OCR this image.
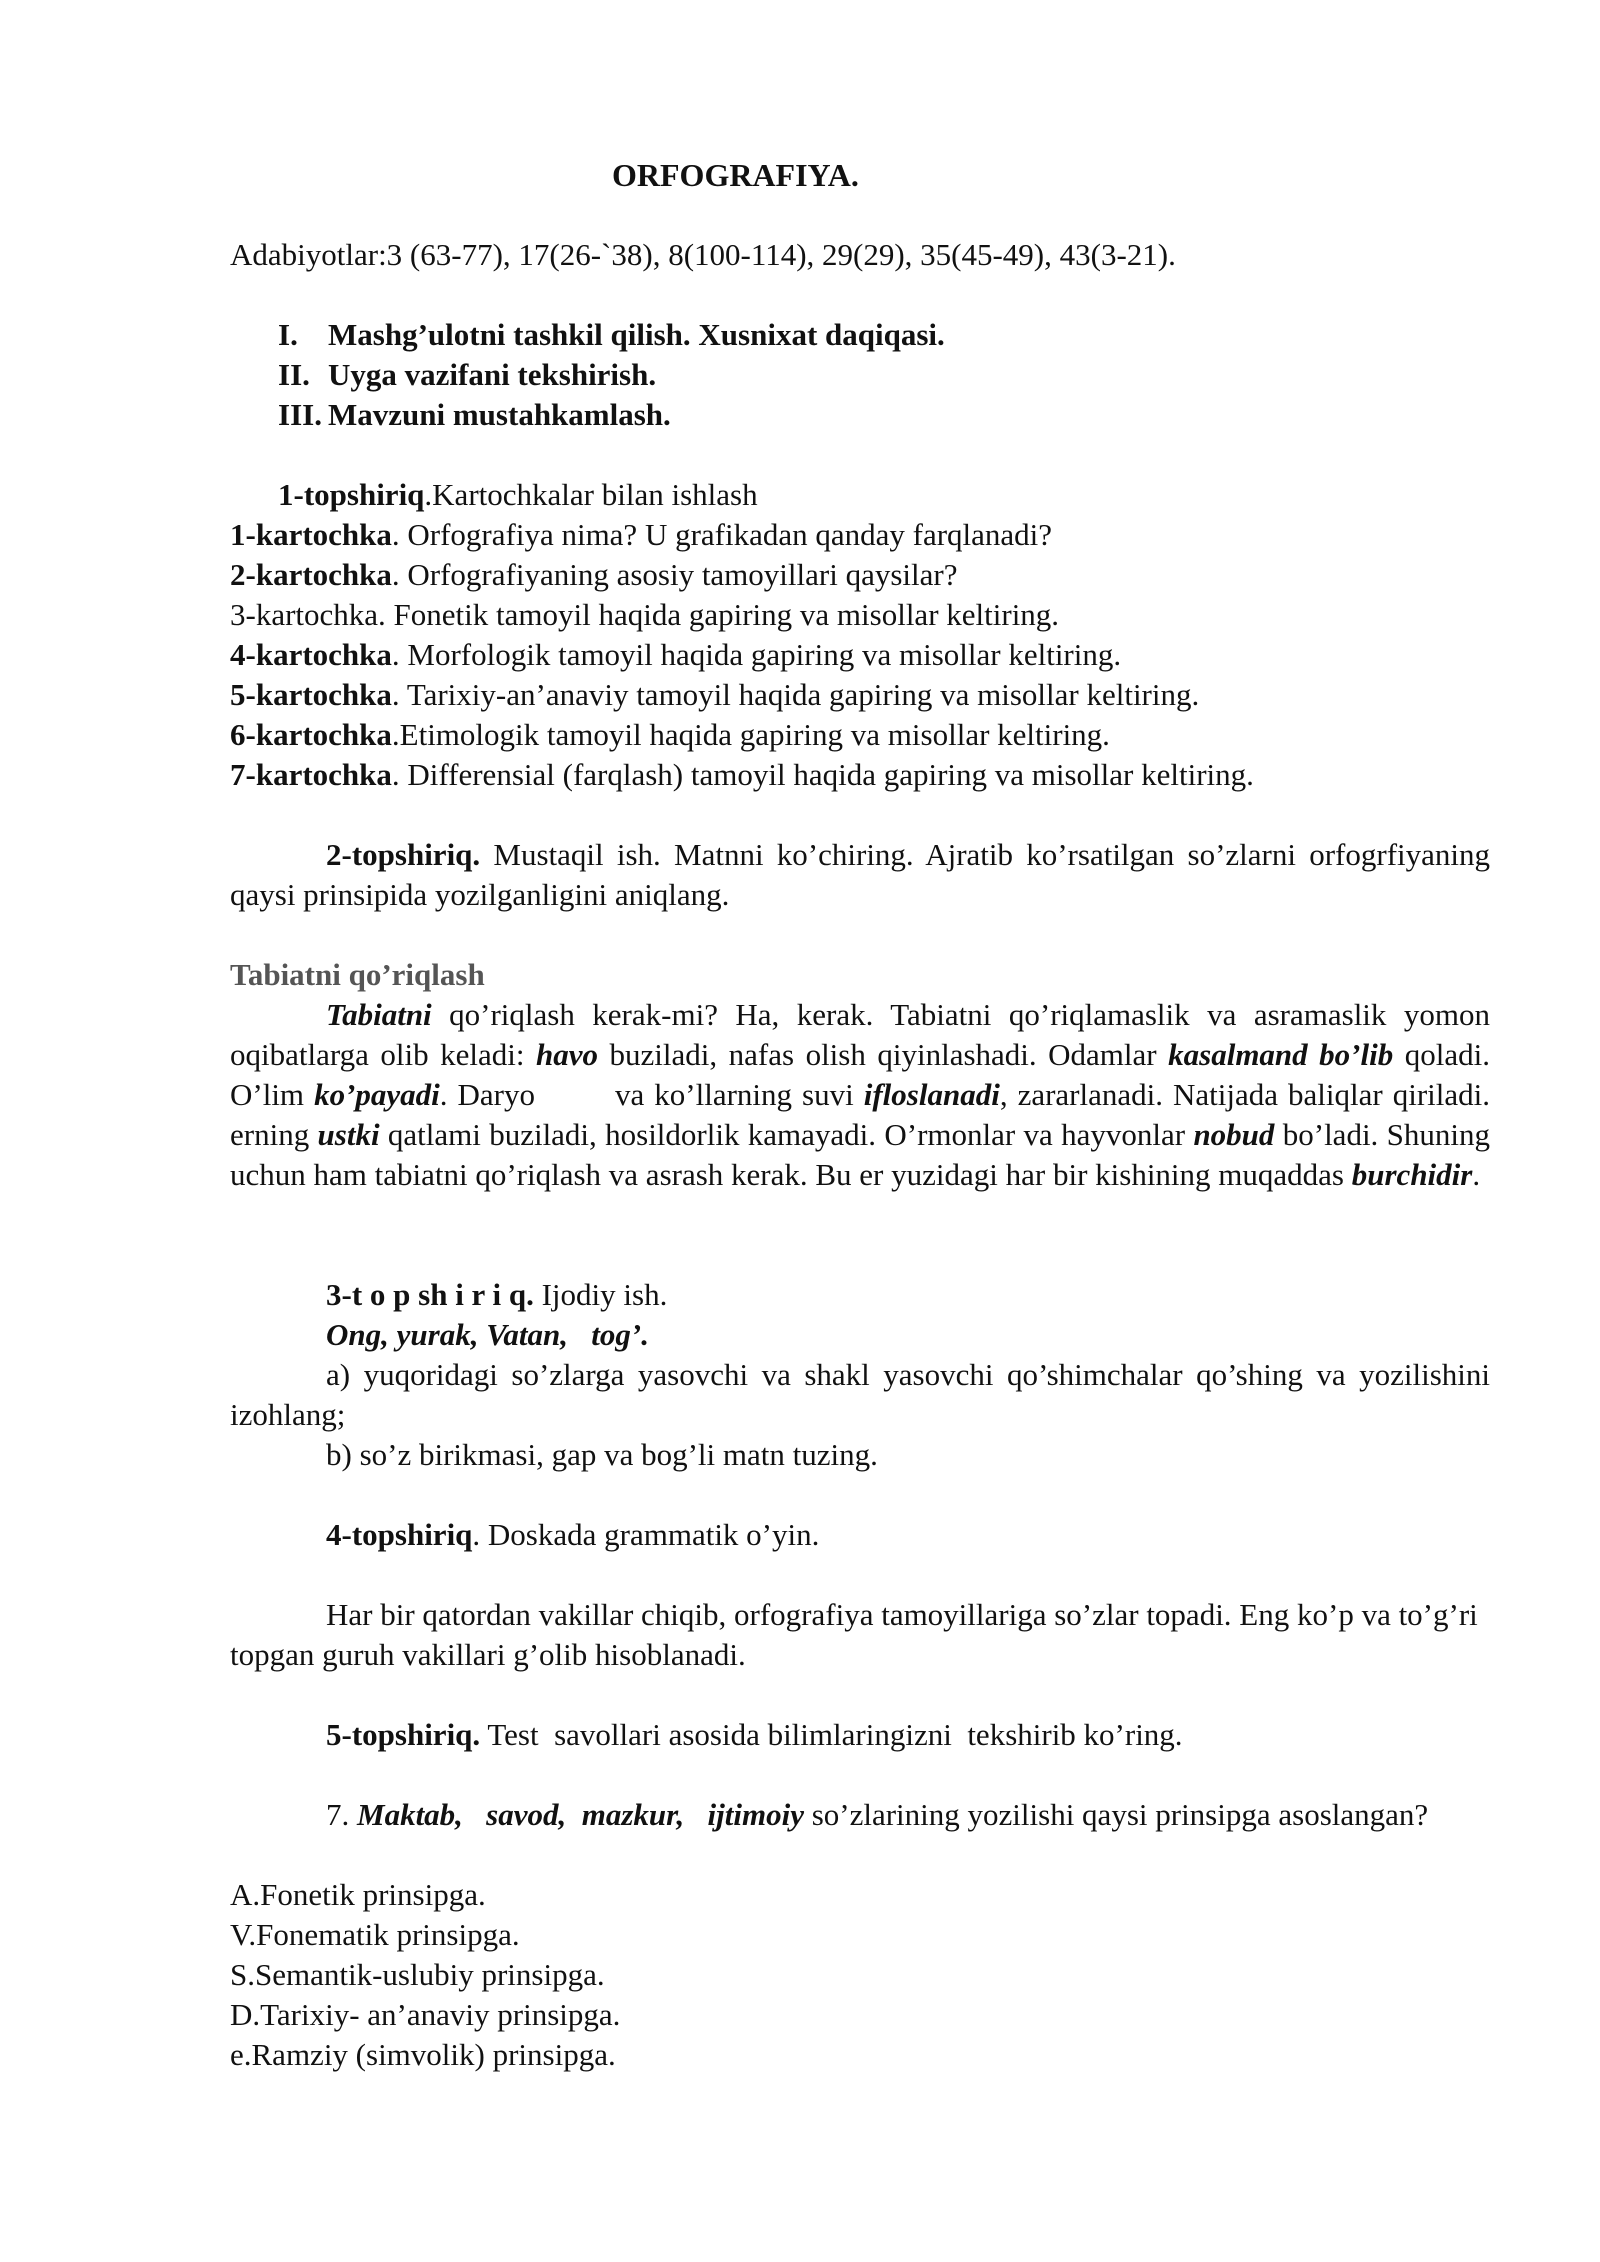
ORFOGRAFIYA.
Adabiyotlar:3 (63-77), 17(26-`38), 8(100-114), 29(29), 35(45-49), 43(3-21).
I. Mashg’ulotni tashkil qilish. Xusnixat daqiqasi.
II. Uyga vazifani tekshirish.
III. Mavzuni mustahkamlash.
1-topshiriq.Kartochkalar bilan ishlash
1-kartochka. Orfografiya nima? U grafikadan qanday farqlanadi?
2-kartochka. Orfografiyaning asosiy tamoyillari qaysilar?
3-kartochka. Fonetik tamoyil haqida gapiring va misollar keltiring.
4-kartochka. Morfologik tamoyil haqida gapiring va misollar keltiring.
5-kartochka. Tarixiy-an’anaviy tamoyil haqida gapiring va misollar keltiring.
6-kartochka.Etimologik tamoyil haqida gapiring va misollar keltiring.
7-kartochka. Differensial (farqlash) tamoyil haqida gapiring va misollar keltiring.
2-topshiriq. Mustaqil ish. Matnni ko’chiring. Ajratib ko’rsatilgan so’zlarni orfogrfiyaning qaysi prinsipida yozilganligini aniqlang.
Tabiatni qo’riqlash
Tabiatni qo’riqlash kerak-mi? Ha, kerak. Tabiatni qo’riqlamaslik va asramaslik yomon oqibatlarga olib keladi: havo buziladi, nafas olish qiyinlashadi. Odamlar kasalmand bo’lib qoladi. O’lim ko’payadi. Daryo        va ko’llarning suvi ifloslanadi, zararlanadi. Natijada baliqlar qiriladi. erning ustki qatlami buziladi, hosildorlik kamayadi. O’rmonlar va hayvonlar nobud bo’ladi. Shuning uchun ham tabiatni qo’riqlash va asrash kerak. Bu er yuzidagi har bir kishining muqaddas burchidir.
3-t o p sh i r i q. Ijodiy ish.
Ong, yurak, Vatan,   tog’.
a) yuqoridagi so’zlarga yasovchi va shakl yasovchi qo’shimchalar qo’shing va yozilishini izohlang;
b) so’z birikmasi, gap va bog’li matn tuzing.
4-topshiriq. Doskada grammatik o’yin.
Har bir qatordan vakillar chiqib, orfografiya tamoyillariga so’zlar topadi. Eng ko’p va to’g’ri topgan guruh vakillari g’olib hisoblanadi.
5-topshiriq. Test  savollari asosida bilimlaringizni  tekshirib ko’ring.
7. Maktab,   savod,  mazkur,   ijtimoiy so’zlarining yozilishi qaysi prinsipga asoslangan?
A.Fonetik prinsipga.
V.Fonematik prinsipga.
S.Semantik-uslubiy prinsipga.
D.Tarixiy- an’anaviy prinsipga.
e.Ramziy (simvolik) prinsipga.
